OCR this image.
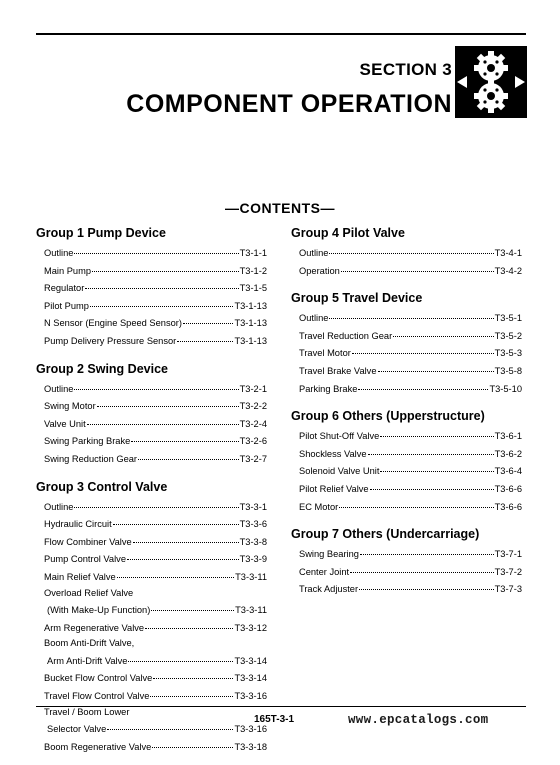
SECTION 3
COMPONENT OPERATION
—CONTENTS—
Group 1 Pump Device
Outline	T3-1-1
Main Pump	T3-1-2
Regulator	T3-1-5
Pilot Pump	T3-1-13
N Sensor (Engine Speed Sensor)	T3-1-13
Pump Delivery Pressure Sensor	T3-1-13
Group 2 Swing Device
Outline	T3-2-1
Swing Motor	T3-2-2
Valve Unit	T3-2-4
Swing Parking Brake	T3-2-6
Swing Reduction Gear	T3-2-7
Group 3 Control Valve
Outline	T3-3-1
Hydraulic Circuit	T3-3-6
Flow Combiner Valve	T3-3-8
Pump Control Valve	T3-3-9
Main Relief Valve	T3-3-11
Overload Relief Valve
(With Make-Up Function)	T3-3-11
Arm Regenerative Valve	T3-3-12
Boom Anti-Drift Valve,
Arm Anti-Drift Valve	T3-3-14
Bucket Flow Control Valve	T3-3-14
Travel Flow Control Valve	T3-3-16
Travel / Boom Lower
Selector Valve	T3-3-16
Boom Regenerative Valve	T3-3-18
Group 4 Pilot Valve
Outline	T3-4-1
Operation	T3-4-2
Group 5 Travel Device
Outline	T3-5-1
Travel Reduction Gear	T3-5-2
Travel Motor	T3-5-3
Travel Brake Valve	T3-5-8
Parking Brake	T3-5-10
Group 6 Others (Upperstructure)
Pilot Shut-Off Valve	T3-6-1
Shockless Valve	T3-6-2
Solenoid Valve Unit	T3-6-4
Pilot Relief Valve	T3-6-6
EC Motor	T3-6-6
Group 7 Others (Undercarriage)
Swing Bearing	T3-7-1
Center Joint	T3-7-2
Track Adjuster	T3-7-3
165T-3-1	www.epcatalogs.com
